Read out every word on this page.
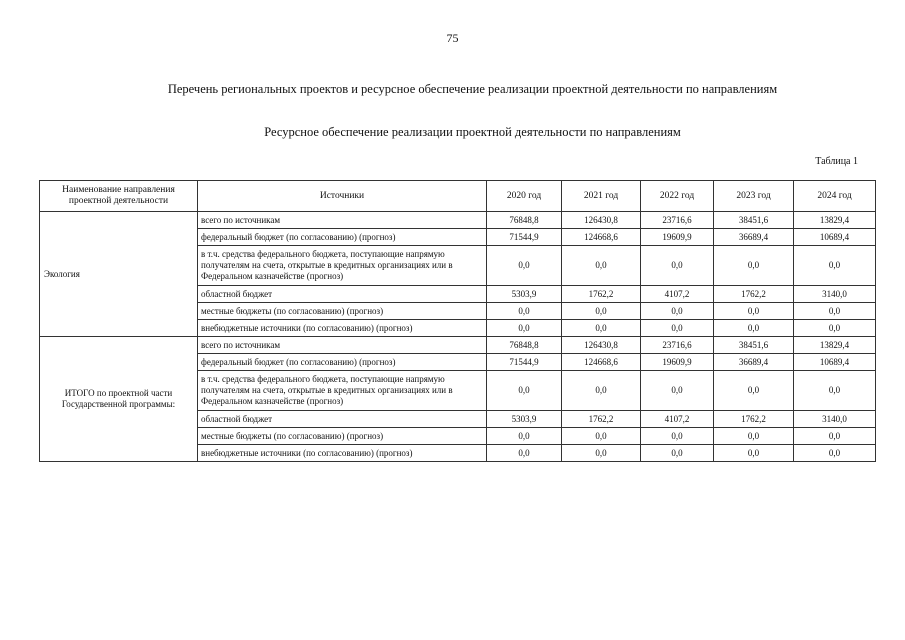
75
Перечень региональных проектов и ресурсное обеспечение реализации проектной деятельности по направлениям
Ресурсное обеспечение реализации проектной деятельности по направлениям
Таблица 1
Наименование направления проектной деятельности	Источники	2020 год	2021 год	2022 год	2023 год	2024 год
Экология	всего по источникам	76848,8	126430,8	23716,6	38451,6	13829,4
	федеральный бюджет (по согласованию) (прогноз)	71544,9	124668,6	19609,9	36689,4	10689,4
	в т.ч. средства федерального бюджета, поступающие напрямую получателям на счета, открытые в кредитных организациях или в Федеральном казначействе (прогноз)	0,0	0,0	0,0	0,0	0,0
	областной бюджет	5303,9	1762,2	4107,2	1762,2	3140,0
	местные бюджеты (по согласованию) (прогноз)	0,0	0,0	0,0	0,0	0,0
	внебюджетные источники (по согласованию) (прогноз)	0,0	0,0	0,0	0,0	0,0
ИТОГО по проектной части Государственной программы:	всего по источникам	76848,8	126430,8	23716,6	38451,6	13829,4
	федеральный бюджет (по согласованию) (прогноз)	71544,9	124668,6	19609,9	36689,4	10689,4
	в т.ч. средства федерального бюджета, поступающие напрямую получателям на счета, открытые в кредитных организациях или в Федеральном казначействе (прогноз)	0,0	0,0	0,0	0,0	0,0
	областной бюджет	5303,9	1762,2	4107,2	1762,2	3140,0
	местные бюджеты (по согласованию) (прогноз)	0,0	0,0	0,0	0,0	0,0
	внебюджетные источники (по согласованию) (прогноз)	0,0	0,0	0,0	0,0	0,0
